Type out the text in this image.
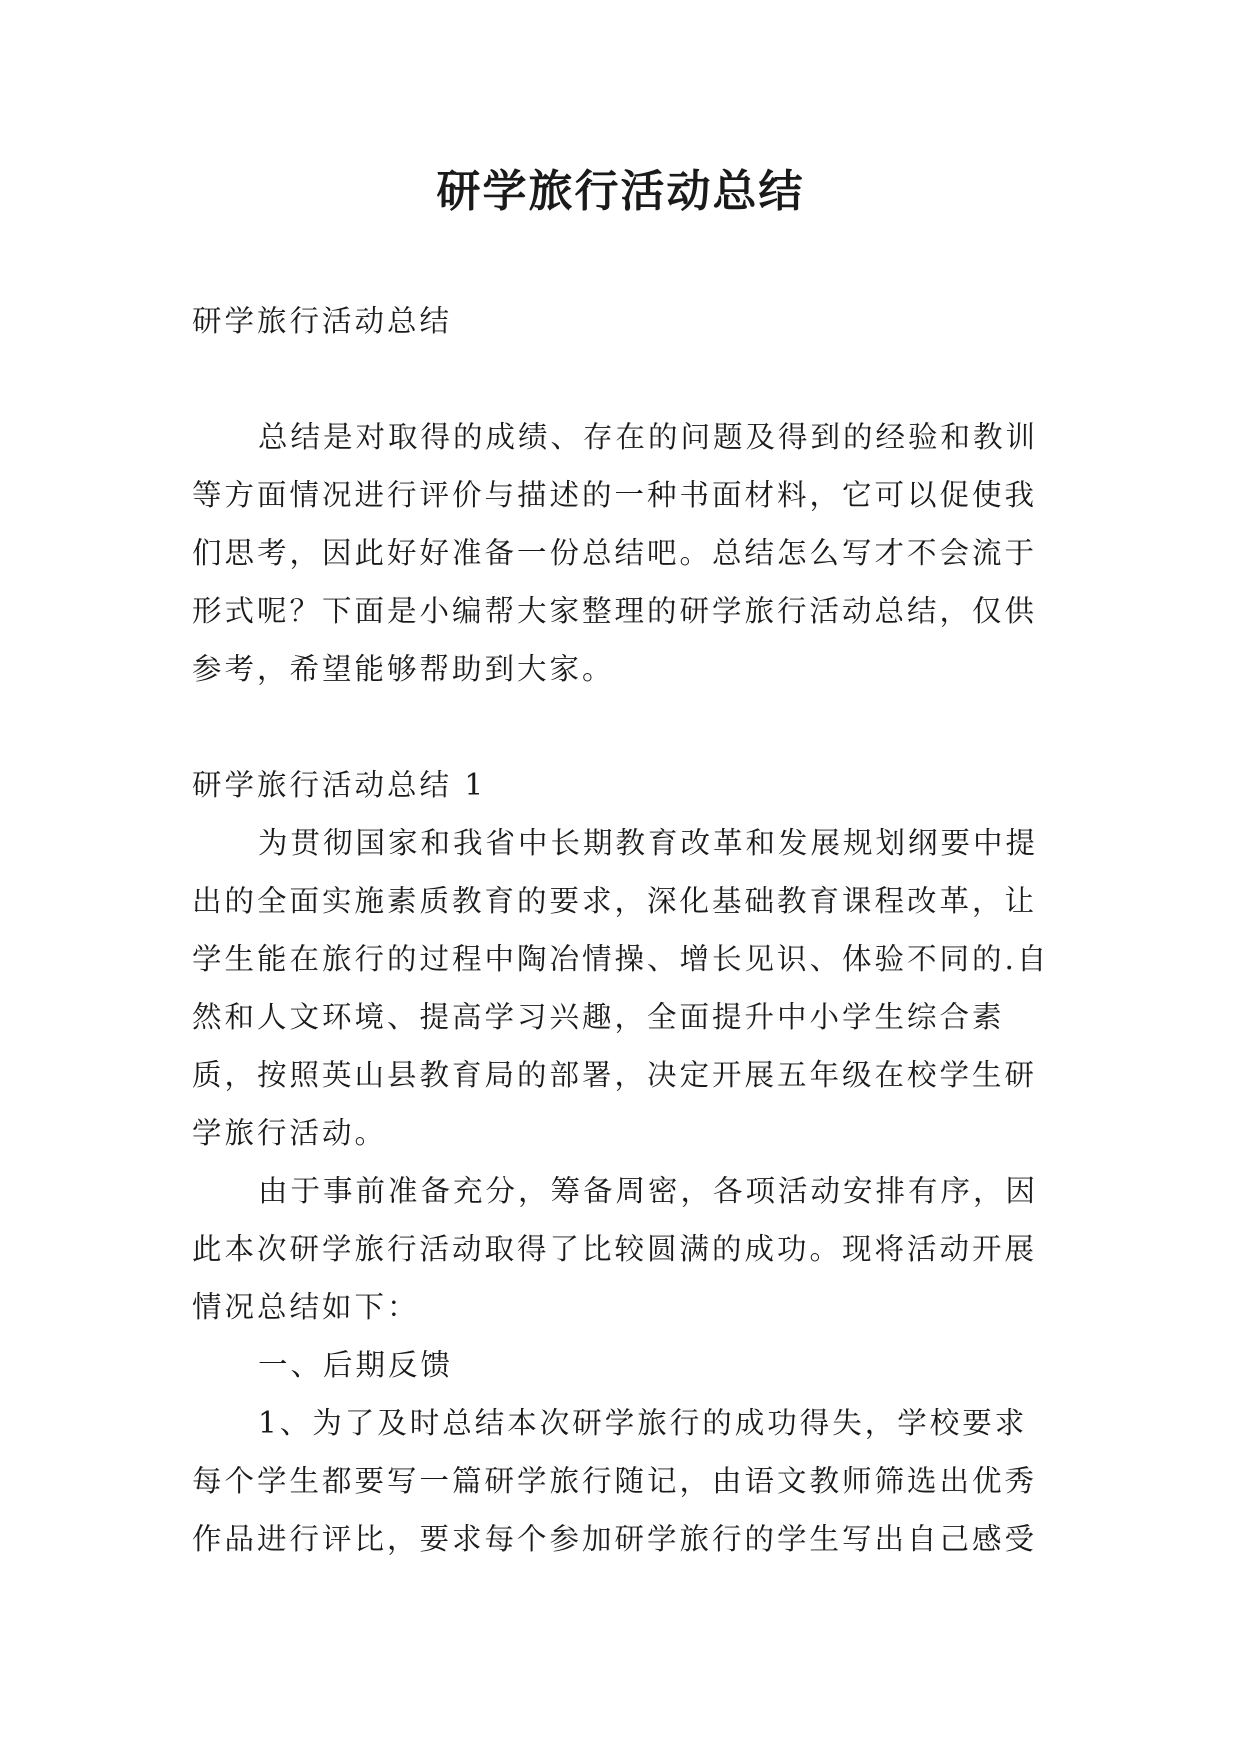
研学旅行活动总结

研学旅行活动总结

总结是对取得的成绩、存在的问题及得到的经验和教训等方面情况进行评价与描述的一种书面材料，它可以促使我们思考，因此好好准备一份总结吧。总结怎么写才不会流于形式呢？下面是小编帮大家整理的研学旅行活动总结，仅供参考，希望能够帮助到大家。

研学旅行活动总结 1

为贯彻国家和我省中长期教育改革和发展规划纲要中提出的全面实施素质教育的要求，深化基础教育课程改革，让学生能在旅行的过程中陶冶情操、增长见识、体验不同的.自然和人文环境、提高学习兴趣，全面提升中小学生综合素质，按照英山县教育局的部署，决定开展五年级在校学生研学旅行活动。

由于事前准备充分，筹备周密，各项活动安排有序，因此本次研学旅行活动取得了比较圆满的成功。现将活动开展情况总结如下：

一、后期反馈

1、为了及时总结本次研学旅行的成功得失，学校要求每个学生都要写一篇研学旅行随记，由语文教师筛选出优秀作品进行评比，要求每个参加研学旅行的学生写出自己感受
